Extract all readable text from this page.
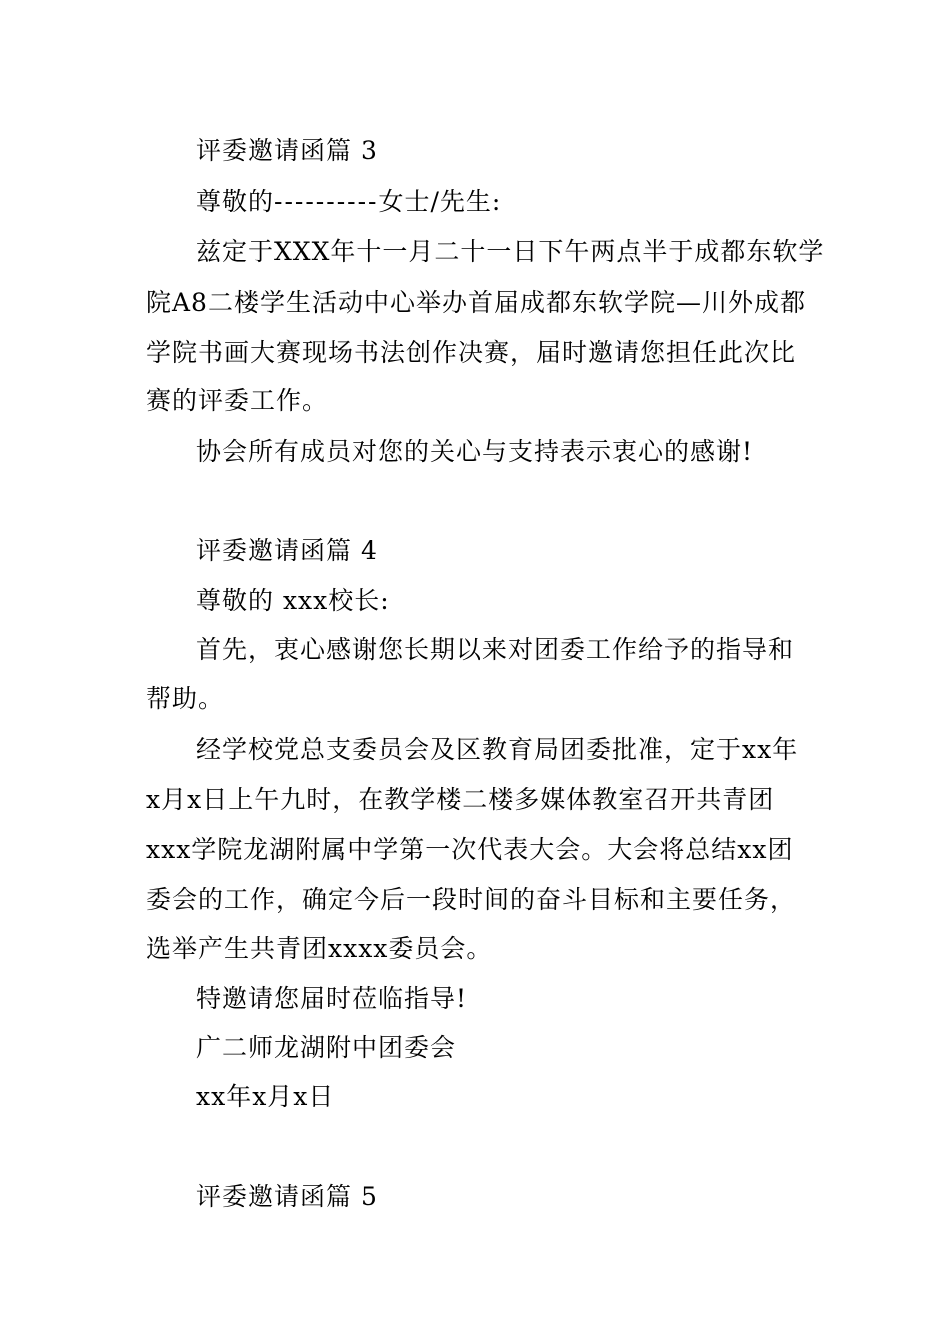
评委邀请函篇 3
尊敬的----------女士/先生:
兹定于XXX年十一月二十一日下午两点半于成都东软学
院A8二楼学生活动中心举办首届成都东软学院—川外成都
学院书画大赛现场书法创作决赛，届时邀请您担任此次比
赛的评委工作。
协会所有成员对您的关心与支持表示衷心的感谢!
评委邀请函篇 4
尊敬的 xxx校长:
首先，衷心感谢您长期以来对团委工作给予的指导和
帮助。
经学校党总支委员会及区教育局团委批准，定于xx年
x月x日上午九时，在教学楼二楼多媒体教室召开共青团
xxx学院龙湖附属中学第一次代表大会。大会将总结xx团
委会的工作，确定今后一段时间的奋斗目标和主要任务，
选举产生共青团xxxx委员会。
特邀请您届时莅临指导!
广二师龙湖附中团委会
xx年x月x日
评委邀请函篇 5
